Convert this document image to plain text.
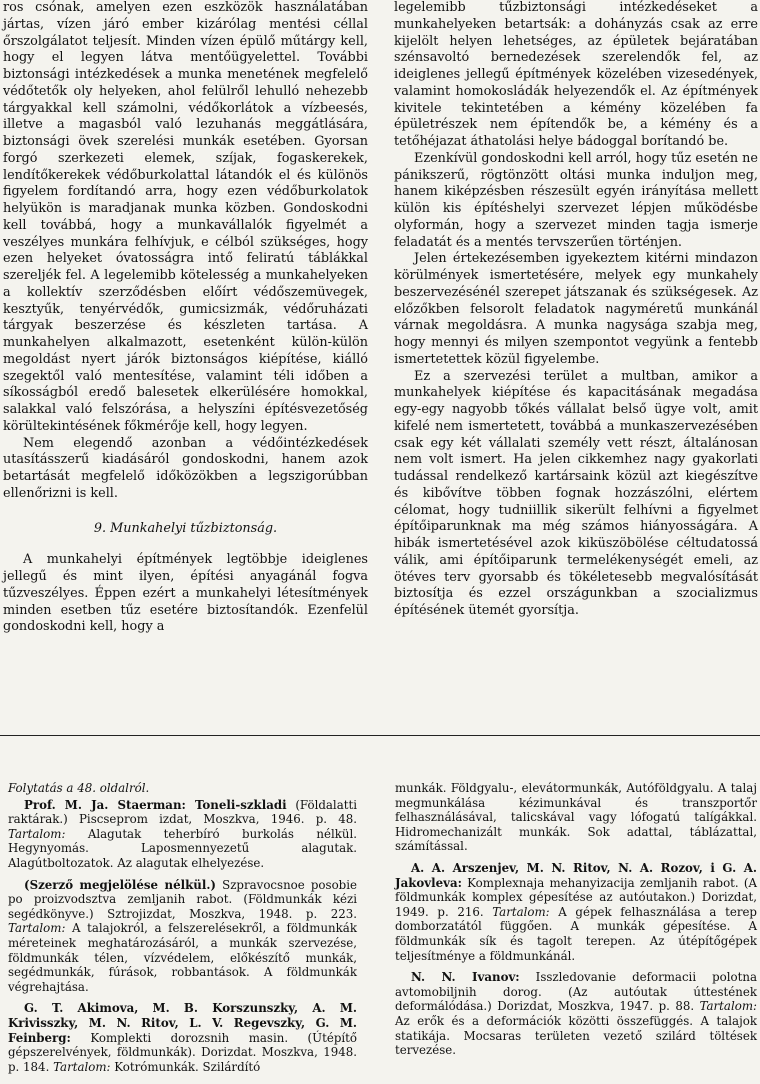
ros csónak, amelyen ezen eszközök használatában jártas, vízen járó ember kizárólag mentési céllal őrszolgálatot teljesít. Minden vízen épülő műtárgy kell, hogy el legyen látva mentőügyelettel. További biztonsági intézkedések a munka menetének megfelelő védőtetők oly helyeken, ahol felülről lehulló nehezebb tárgyakkal kell számolni, védőkorlátok a vízbeesés, illetve a magasból való lezuhanás meggátlására, biztonsági övek szerelési munkák esetében. Gyorsan forgó szerkezeti elemek, szíjak, fogaskerekek, lendítőkerekek védőburkolattal látandók el és különös figyelem fordítandó arra, hogy ezen védőburkolatok helyükön is maradjanak munka közben. Gondoskodni kell továbbá, hogy a munkavállalók figyelmét a veszélyes munkára felhívjuk, e célból szükséges, hogy ezen helyeket óvatosságra intő feliratú táblákkal szereljék fel. A legelemibb kötelesség a munkahelyeken a kollektív szerződésben előírt védőszemüvegek, kesztyűk, tenyérvédők, gumicsizmák, védőruházati tárgyak beszerzése és készleten tartása. A munkahelyen alkalmazott, esetenként külön-külön megoldást nyert járók biztonságos kiépítése, kiálló szegektől való mentesítése, valamint téli időben a síkosságból eredő balesetek elkerülésére homokkal, salakkal való felszórása, a helyszíni építésvezetőség körültekintésének főkmérője kell, hogy legyen.

Nem elegendő azonban a védőintézkedések utasításszerű kiadásáról gondoskodni, hanem azok betartását megfelelő időközökben a legszigorúbban ellenőrizni is kell.

9. Munkahelyi tűzbiztonság.

A munkahelyi építmények legtöbbje ideiglenes jellegű és mint ilyen, építési anyagánál fogva tűzveszélyes. Éppen ezért a munkahelyi létesítmények minden esetben tűz esetére biztosítandók. Ezenfelül gondoskodni kell, hogy a

legelemibb tűzbiztonsági intézkedéseket a munkahelyeken betartsák: a dohányzás csak az erre kijelölt helyen lehetséges, az épületek bejáratában szénsavoltó bernedezések szerelendők fel, az ideiglenes jellegű építmények közelében vizesedények, valamint homokosládák helyezendők el. Az építmények kivitele tekintetében a kémény közelében fa épületrészek nem építendők be, a kémény és a tetőhéjazat áthatolási helye bádoggal borítandó be.

Ezenkívül gondoskodni kell arról, hogy tűz esetén ne pánikszerű, rögtönzött oltási munka induljon meg, hanem kiképzésben részesült egyén irányítása mellett külön kis építéshelyi szervezet lépjen működésbe olyformán, hogy a szervezet minden tagja ismerje feladatát és a mentés tervszerűen történjen.

Jelen értekezésemben igyekeztem kitérni mindazon körülmények ismertetésére, melyek egy munkahely beszervezésénél szerepet játszanak és szükségesek. Az előzőkben felsorolt feladatok nagyméretű munkánál várnak megoldásra. A munka nagysága szabja meg, hogy mennyi és milyen szempontot vegyünk a fentebb ismertetettek közül figyelembe.

Ez a szervezési terület a multban, amikor a munkahelyek kiépítése és kapacitásának megadása egy-egy nagyobb tőkés vállalat belső ügye volt, amit kifelé nem ismertetett, továbbá a munkaszervezésében csak egy két vállalati személy vett részt, általánosan nem volt ismert. Ha jelen cikkemhez nagy gyakorlati tudással rendelkező kartársaink közül azt kiegészítve és kibővítve többen fognak hozzászólni, elértem célomat, hogy tudniillik sikerült felhívni a figyelmet építőiparunknak ma még számos hiányosságára. A hibák ismertetésével azok kiküszöbölése céltudatossá válik, ami építőiparunk termelékenységét emeli, az ötéves terv gyorsabb és tökéletesebb megvalósítását biztosítja és ezzel országunkban a szocializmus építésének ütemét gyorsítja.

Folytatás a 48. oldalról.

Prof. M. Ja. Staerman: Toneli-szkladi (Földalatti raktárak.) Piscseprom izdat, Moszkva, 1946. p. 48. Tartalom: Alagutak teherbíró burkolás nélkül. Hegynyomás. Laposmennyezetű alagutak. Alagútboltozatok. Az alagutak elhelyezése.

(Szerző megjelölése nélkül.) Szpravocsnoe posobie po proizvodsztva zemljanih rabot. (Földmunkák kézi segédkönyve.) Sztrojizdat, Moszkva, 1948. p. 223. Tartalom: A talajokról, a felszerelésekről, a földmunkák méreteinek meghatározásáról, a munkák szervezése, földmunkák télen, vízvédelem, előkészítő munkák, segédmunkák, fúrások, robbantások. A földmunkák végrehajtása.

G. T. Akimova, M. B. Korszunszky, A. M. Krivisszky, M. N. Ritov, L. V. Regevszky, G. M. Feinberg: Komplekti dorozsnih masin. (Útépítő gépszerelvények, földmunkák). Dorizdat. Moszkva, 1948. p. 184. Tartalom: Kotrómunkák. Szilárdító

munkák. Földgyalu-, elevátormunkák, Autóföldgyalu. A talaj megmunkálása kézimunkával és transzportőr felhasználásával, talicskával vagy lófogatú talígákkal. Hidromechanizált munkák. Sok adattal, táblázattal, számítással.

A. A. Arszenjev, M. N. Ritov, N. A. Rozov, i G. A. Jakovleva: Komplexnaja mehanyizacija zemljanih rabot. (A földmunkák komplex gépesítése az autóutakon.) Dorizdat, 1949. p. 216. Tartalom: A gépek felhasználása a terep domborzatától függően. A munkák gépesítése. A földmunkák sík és tagolt terepen. Az útépítőgépek teljesítménye a földmunkánál.

N. N. Ivanov: Isszledovanie deformacii polotna avtomobiljnih dorog. (Az autóutak úttestének deformálódása.) Dorizdat, Moszkva, 1947. p. 88. Tartalom: Az erők és a deformációk közötti összefüggés. A talajok statikája. Mocsaras területen vezető szilárd töltések tervezése.
